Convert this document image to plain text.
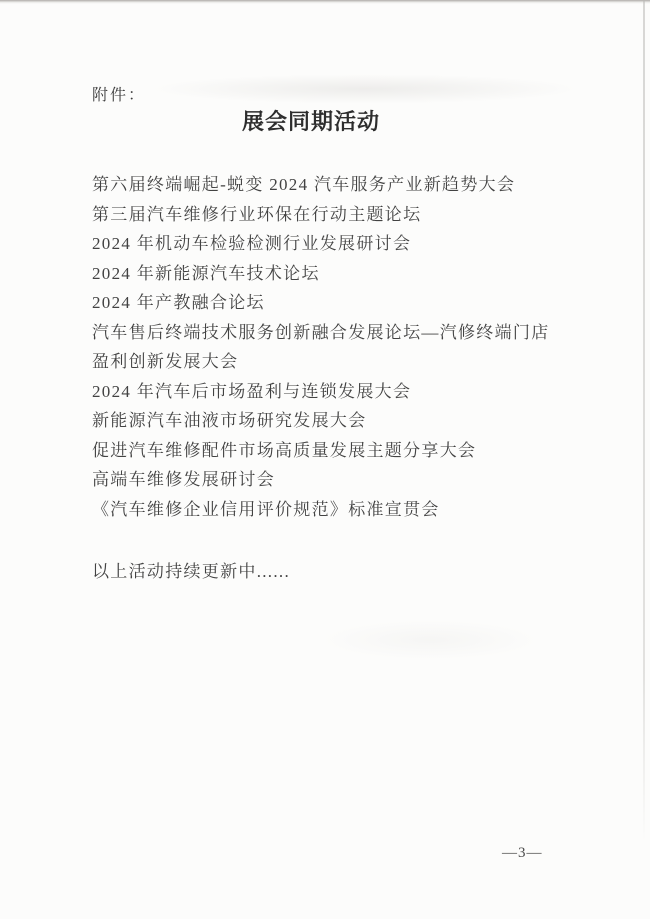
附件：
展会同期活动
第六届终端崛起-蜕变 2024 汽车服务产业新趋势大会
第三届汽车维修行业环保在行动主题论坛
2024 年机动车检验检测行业发展研讨会
2024 年新能源汽车技术论坛
2024 年产教融合论坛
汽车售后终端技术服务创新融合发展论坛—汽修终端门店
盈利创新发展大会
2024 年汽车后市场盈利与连锁发展大会
新能源汽车油液市场研究发展大会
促进汽车维修配件市场高质量发展主题分享大会
高端车维修发展研讨会
《汽车维修企业信用评价规范》标准宣贯会
以上活动持续更新中......
—3—
